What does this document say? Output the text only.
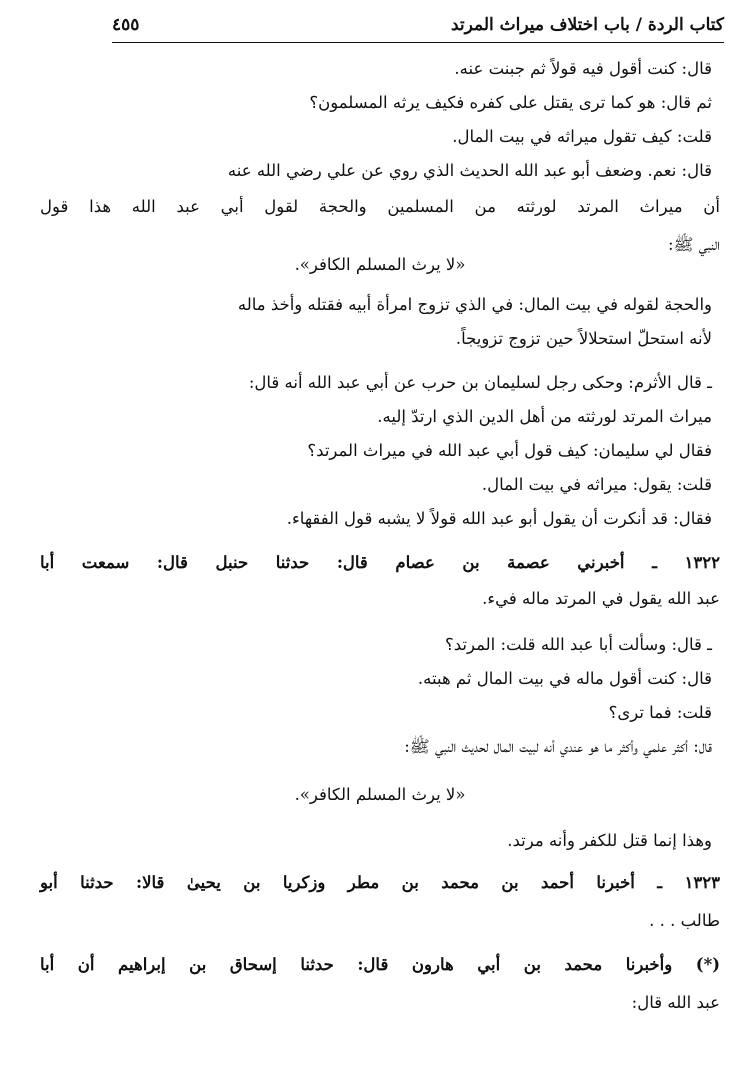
كتاب الردة / باب اختلاف ميراث المرتد
٤٥٥
قال: كنت أقول فيه قولاً ثم جبنت عنه.
ثم قال: هو كما ترى يقتل على كفره فكيف يرثه المسلمون؟
قلت: كيف تقول ميراثه في بيت المال.
قال: نعم. وضعف أبو عبد الله الحديث الذي روي عن علي رضي الله عنه
أن ميراث المرتد لورثته من المسلمين والحجة لقول أبي عبد الله هذا قول
النبي ﷺ:
«لا يرث المسلم الكافر».
والحجة لقوله في بيت المال: في الذي تزوج امرأة أبيه فقتله وأخذ ماله
لأنه استحلّ استحلالاً حين تزوج تزويجاً.
ـ قال الأثرم: وحكى رجل لسليمان بن حرب عن أبي عبد الله أنه قال:
ميراث المرتد لورثته من أهل الدين الذي ارتدّ إليه.
فقال لي سليمان: كيف قول أبي عبد الله في ميراث المرتد؟
قلت: يقول: ميراثه في بيت المال.
فقال: قد أنكرت أن يقول أبو عبد الله قولاً لا يشبه قول الفقهاء.
١٣٢٢ ـ أخبرني عصمة بن عصام قال: حدثنا حنبل قال: سمعت أبا
عبد الله يقول في المرتد ماله فيء.
ـ قال: وسألت أبا عبد الله قلت: المرتد؟
قال: كنت أقول ماله في بيت المال ثم هبته.
قلت: فما ترى؟
قال: أكثر علمي وأكثر ما هو عندي أنه لبيت المال لحديث النبي ﷺ:
«لا يرث المسلم الكافر».
وهذا إنما قتل للكفر وأنه مرتد.
١٣٢٣ ـ أخبرنا أحمد بن محمد بن مطر وزكريا بن يحيىٰ قالا: حدثنا أبو
طالب . . .
(*) وأخبرنا محمد بن أبي هارون قال: حدثنا إسحاق بن إبراهيم أن أبا
عبد الله قال:
